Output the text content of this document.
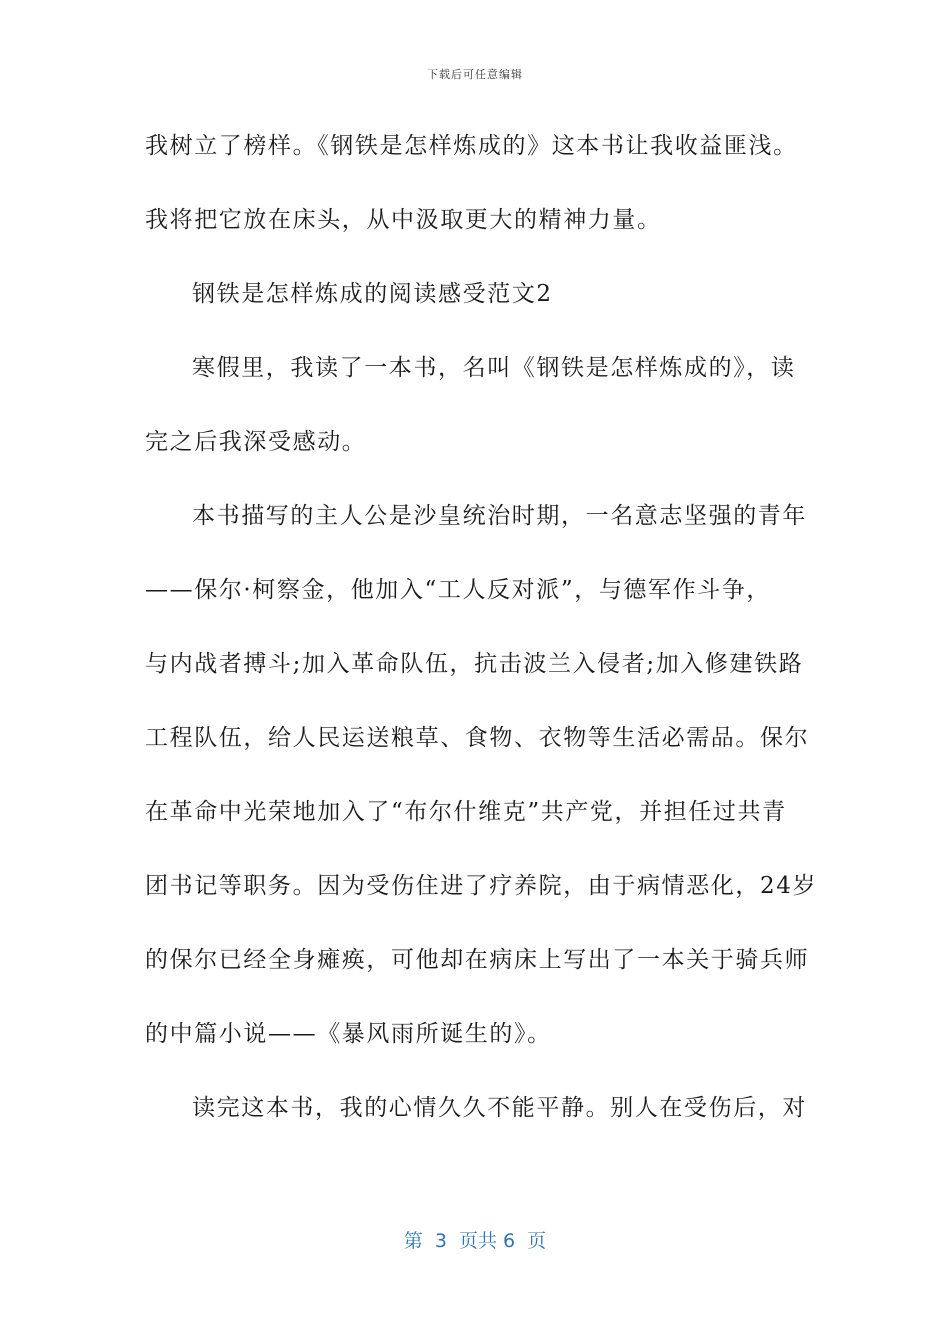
下载后可任意编辑
我树立了榜样。《钢铁是怎样炼成的》这本书让我收益匪浅。
我将把它放在床头，从中汲取更大的精神力量。
钢铁是怎样炼成的阅读感受范文2
寒假里，我读了一本书，名叫《钢铁是怎样炼成的》，读
完之后我深受感动。
本书描写的主人公是沙皇统治时期，一名意志坚强的青年
——保尔·柯察金，他加入“工人反对派”，与德军作斗争，
与内战者搏斗;加入革命队伍，抗击波兰入侵者;加入修建铁路
工程队伍，给人民运送粮草、食物、衣物等生活必需品。保尔
在革命中光荣地加入了“布尔什维克”共产党，并担任过共青
团书记等职务。因为受伤住进了疗养院，由于病情恶化，24岁
的保尔已经全身瘫痪，可他却在病床上写出了一本关于骑兵师
的中篇小说——《暴风雨所诞生的》。
读完这本书，我的心情久久不能平静。别人在受伤后，对
第  3  页共 6  页
